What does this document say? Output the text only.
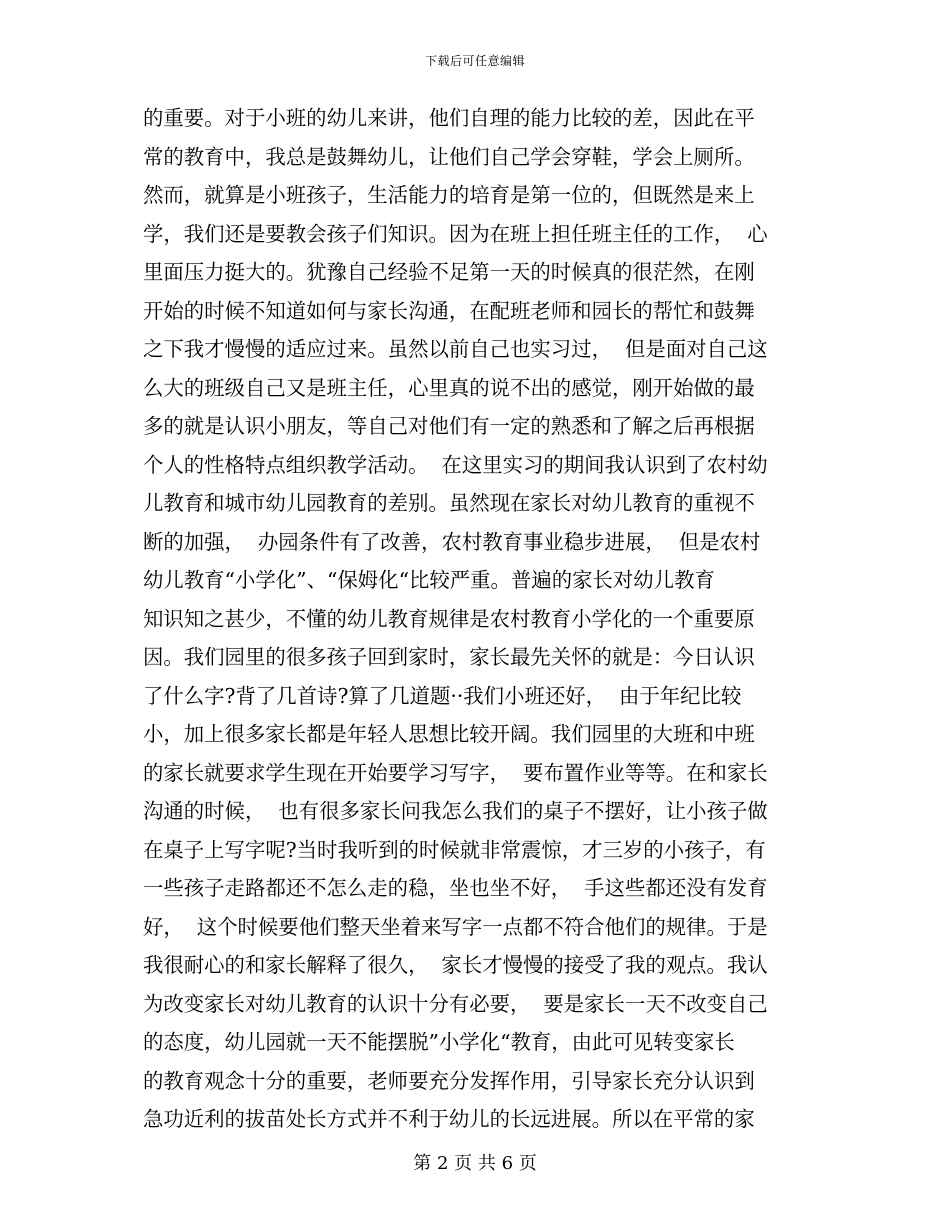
下载后可任意编辑
的重要。对于小班的幼儿来讲，他们自理的能力比较的差，因此在平
常的教育中，我总是鼓舞幼儿，让他们自己学会穿鞋，学会上厕所。
然而，就算是小班孩子，生活能力的培育是第一位的，但既然是来上
学，我们还是要教会孩子们知识。因为在班上担任班主任的工作，  心
里面压力挺大的。犹豫自己经验不足第一天的时候真的很茫然，在刚
开始的时候不知道如何与家长沟通，在配班老师和园长的帮忙和鼓舞
之下我才慢慢的适应过来。虽然以前自己也实习过，  但是面对自己这
么大的班级自己又是班主任，心里真的说不出的感觉，刚开始做的最
多的就是认识小朋友，等自己对他们有一定的熟悉和了解之后再根据
个人的性格特点组织教学活动。  在这里实习的期间我认识到了农村幼
儿教育和城市幼儿园教育的差别。虽然现在家长对幼儿教育的重视不
断的加强，  办园条件有了改善，农村教育事业稳步进展，  但是农村
幼儿教育“小学化”、“保姆化“比较严重。普遍的家长对幼儿教育
知识知之甚少，不懂的幼儿教育规律是农村教育小学化的一个重要原
因。我们园里的很多孩子回到家时，家长最先关怀的就是：今日认识
了什么字?背了几首诗?算了几道题··我们小班还好，  由于年纪比较
小，加上很多家长都是年轻人思想比较开阔。我们园里的大班和中班
的家长就要求学生现在开始要学习写字，  要布置作业等等。在和家长
沟通的时候，  也有很多家长问我怎么我们的桌子不摆好，让小孩子做
在桌子上写字呢?当时我听到的时候就非常震惊，才三岁的小孩子，有
一些孩子走路都还不怎么走的稳，坐也坐不好，  手这些都还没有发育
好，  这个时候要他们整天坐着来写字一点都不符合他们的规律。于是
我很耐心的和家长解释了很久，  家长才慢慢的接受了我的观点。我认
为改变家长对幼儿教育的认识十分有必要，  要是家长一天不改变自己
的态度，幼儿园就一天不能摆脱”小学化“教育，由此可见转变家长
的教育观念十分的重要，老师要充分发挥作用，引导家长充分认识到
急功近利的拔苗处长方式并不利于幼儿的长远进展。所以在平常的家
第 2 页 共 6 页
